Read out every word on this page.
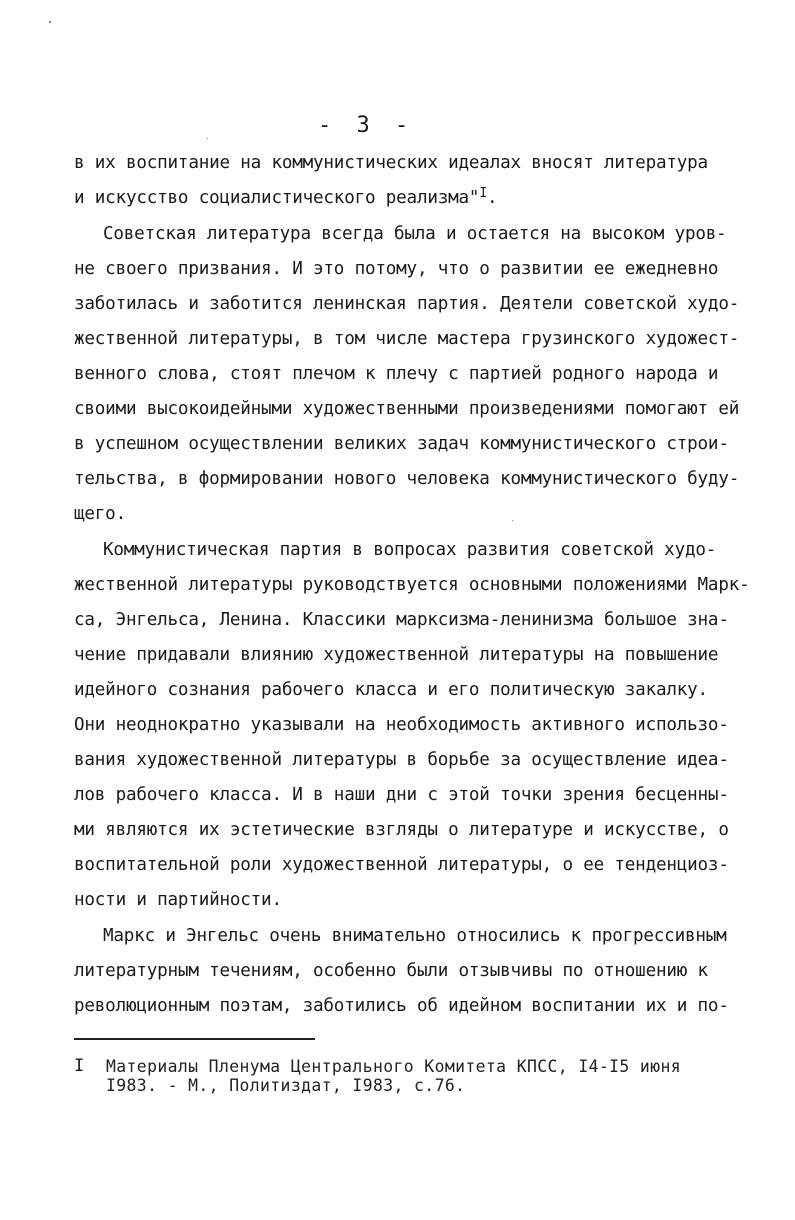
- 3 -
в их воспитание на коммунистических идеалах вносят литература
и искусство социалистического реализма"$^I$.
Советская литература всегда была и остается на высоком уров-
не своего призвания. И это потому, что о развитии ее ежедневно
заботилась и заботится ленинская партия. Деятели советской худо-
жественной литературы, в том числе мастера грузинского художест-
венного слова, стоят плечом к плечу с партией родного народа и
своими высокоидейными художественными произведениями помогают ей
в успешном осуществлении великих задач коммунистического строи-
тельства, в формировании нового человека коммунистического буду-
щего.
Коммунистическая партия в вопросах развития советской худо-
жественной литературы руководствуется основными положениями Марк-
са, Энгельса, Ленина. Классики марксизма-ленинизма большое зна-
чение придавали влиянию художественной литературы на повышение
идейного сознания рабочего класса и его политическую закалку.
Они неоднократно указывали на необходимость активного использо-
вания художественной литературы в борьбе за осуществление идеа-
лов рабочего класса. И в наши дни с этой точки зрения бесценны-
ми являются их эстетические взгляды о литературе и искусстве, о
воспитательной роли художественной литературы, о ее тенденциоз-
ности и партийности.
Маркс и Энгельс очень внимательно относились к прогрессивным
литературным течениям, особенно были отзывчивы по отношению к
революционным поэтам, заботились об идейном воспитании их и по-
I Материалы Пленума Центрального Комитета КПСС, I4-I5 июня
I983. - М., Политиздат, I983, с.76.
